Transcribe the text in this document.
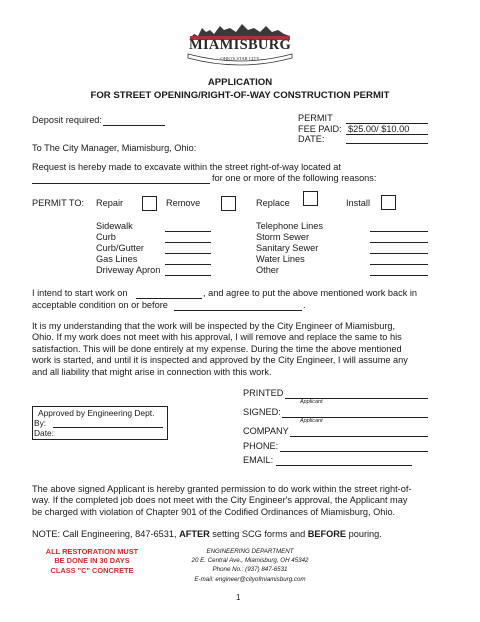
MIAMISBURG
OHIO'S STAR CITY
APPLICATION
FOR STREET OPENING/RIGHT-OF-WAY CONSTRUCTION PERMIT
Deposit required:	PERMIT
FEE PAID: $25.00/ $10.00
DATE:
To The City Manager, Miamisburg, Ohio:
Request is hereby made to excavate within the street right-of-way located at
for one or more of the following reasons:
PERMIT TO: Repair	Remove	Replace	Install
Sidewalk
Curb
Curb/Gutter
Gas Lines
Driveway Apron
Telephone Lines
Storm Sewer
Sanitary Sewer
Water Lines
Other
I intend to start work on	, and agree to put the above mentioned work back in
acceptable condition on or before	.
It is my understanding that the work will be inspected by the City Engineer of Miamisburg,
Ohio. If my work does not meet with his approval, I will remove and replace the same to his
satisfaction. This will be done entirely at my expense. During the time the above mentioned
work is started, and until it is inspected and approved by the City Engineer, I will assume any
and all liability that might arise in connection with this work.
Approved by Engineering Dept.
By:
Date:
PRINTED
Applicant
SIGNED:
Applicant
COMPANY
PHONE:
EMAIL:
The above signed Applicant is hereby granted permission to do work within the street right-of-
way. If the completed job does not meet with the City Engineer's approval, the Applicant may
be charged with violation of Chapter 901 of the Codified Ordinances of Miamisburg, Ohio.
NOTE: Call Engineering, 847-6531, AFTER setting SCG forms and BEFORE pouring.
ALL RESTORATION MUST
BE DONE IN 30 DAYS
CLASS "C" CONCRETE
ENGINEERING DEPARTMENT
20 E. Central Ave., Miamisburg, OH 45342
Phone No.: (937) 847-6531
E-mail: engineer@cityofmiamisburg.com
1
